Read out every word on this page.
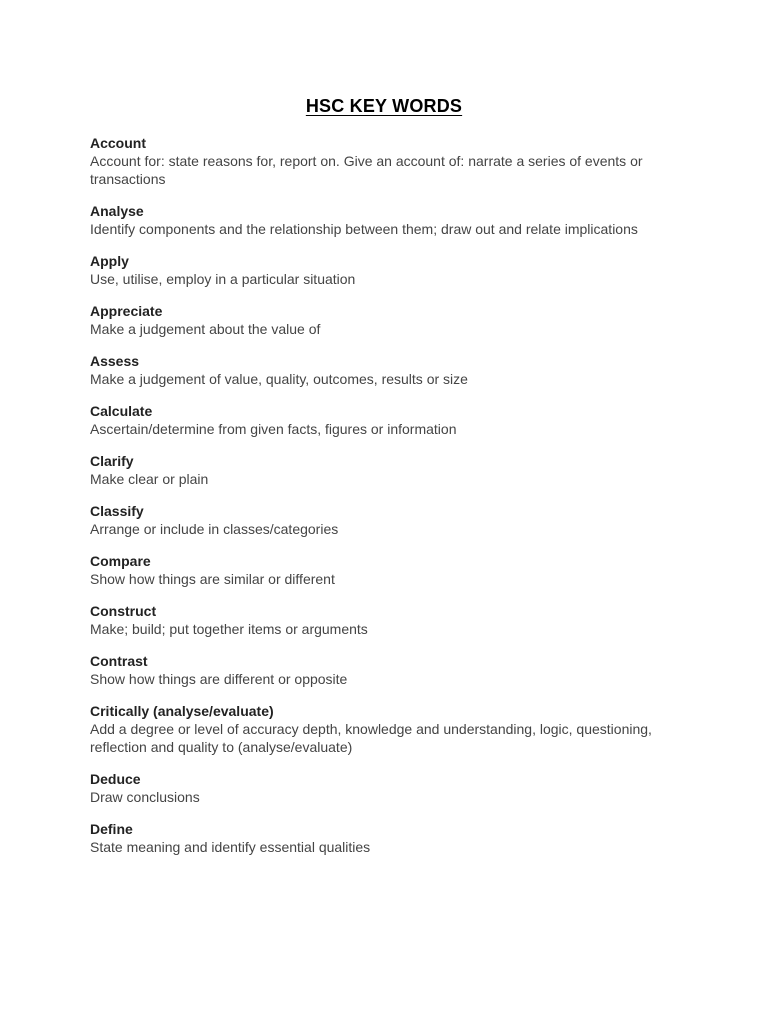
HSC KEY WORDS

Account

Account for: state reasons for, report on. Give an account of: narrate a series of events or transactions

Analyse

Identify components and the relationship between them; draw out and relate implications

Apply

Use, utilise, employ in a particular situation

Appreciate

Make a judgement about the value of

Assess

Make a judgement of value, quality, outcomes, results or size

Calculate

Ascertain/determine from given facts, figures or information

Clarify

Make clear or plain

Classify

Arrange or include in classes/categories

Compare

Show how things are similar or different

Construct

Make; build; put together items or arguments

Contrast

Show how things are different or opposite

Critically (analyse/evaluate)

Add a degree or level of accuracy depth, knowledge and understanding, logic, questioning, reflection and quality to (analyse/evaluate)

Deduce

Draw conclusions

Define

State meaning and identify essential qualities
